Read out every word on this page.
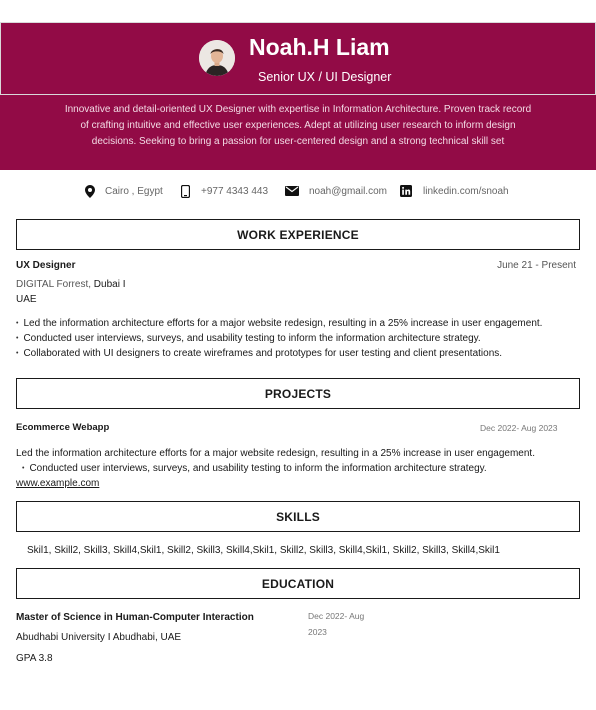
Noah.H Liam
Senior UX / UI Designer
Innovative and detail-oriented UX Designer with expertise in Information Architecture. Proven track record
of crafting intuitive and effective user experiences. Adept at utilizing user research to inform design
decisions. Seeking to bring a passion for user-centered design and a strong technical skill set
Cairo , Egypt	+977 4343 443	noah@gmail.com	linkedin.com/snoah
WORK EXPERIENCE
UX Designer	June 21 - Present
DIGITAL Forrest, Dubai I
UAE
• Led the information architecture efforts for a major website redesign, resulting in a 25% increase in user engagement.
• Conducted user interviews, surveys, and usability testing to inform the information architecture strategy.
• Collaborated with UI designers to create wireframes and prototypes for user testing and client presentations.
PROJECTS
Ecommerce Webapp	Dec 2022- Aug 2023
Led the information architecture efforts for a major website redesign, resulting in a 25% increase in user engagement.
• Conducted user interviews, surveys, and usability testing to inform the information architecture strategy.
www.example.com
SKILLS
Skil1, Skill2, Skill3, Skill4,Skil1, Skill2, Skill3, Skill4,Skil1, Skill2, Skill3, Skill4,Skil1, Skill2, Skill3, Skill4,Skil1
EDUCATION
Master of Science in Human-Computer Interaction	Dec 2022- Aug
2023
Abudhabi University I Abudhabi, UAE
GPA 3.8
